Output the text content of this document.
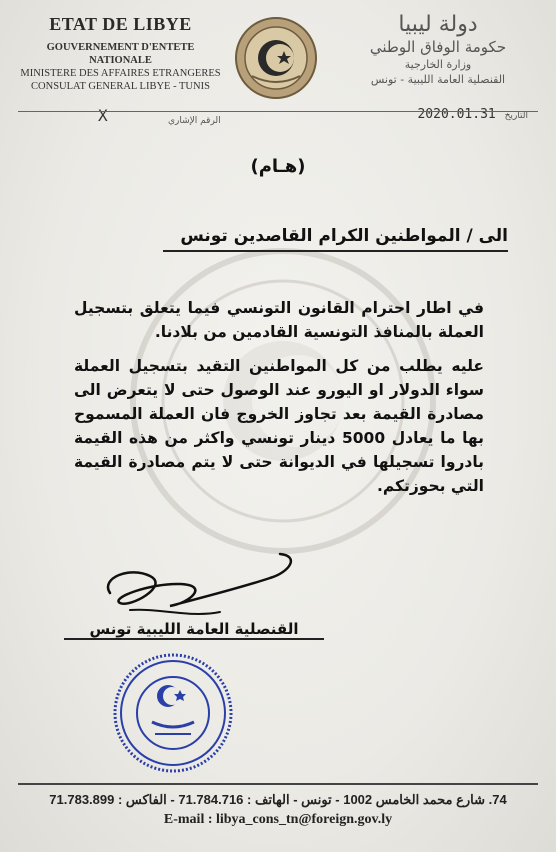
ETAT DE LIBYE
GOUVERNEMENT D'ENTETE NATIONALE
MINISTERE DES AFFAIRES ETRANGERES
CONSULAT GENERAL LIBYE - TUNIS
دولة ليبيا
حكومة الوفاق الوطني
وزارة الخارجية
القنصلية العامة الليبية - تونس
الرقم الإشاري
X	التاريخ 2020.01.31
(هـام)
الى / المواطنين الكرام القاصدين تونس

في اطار احترام القانون التونسي فيما يتعلق بتسجيل العملة بالمنافذ التونسية القادمين من بلادنا.

عليه يطلب من كل المواطنين التقيد بتسجيل العملة سواء الدولار او اليورو عند الوصول حتى لا يتعرض الى مصادرة القيمة بعد تجاوز الخروج فان العملة المسموح بها ما يعادل 5000 دينار تونسي واكثر من هذه القيمة بادروا تسجيلها في الديوانة حتى لا يتم مصادرة القيمة التي بحوزتكم.

القنصلية العامة الليبية تونس
74. شارع محمد الخامس 1002 - تونس - الهاتف : 71.784.716 - الفاكس : 71.783.899
E-mail : libya_cons_tn@foreign.gov.ly
